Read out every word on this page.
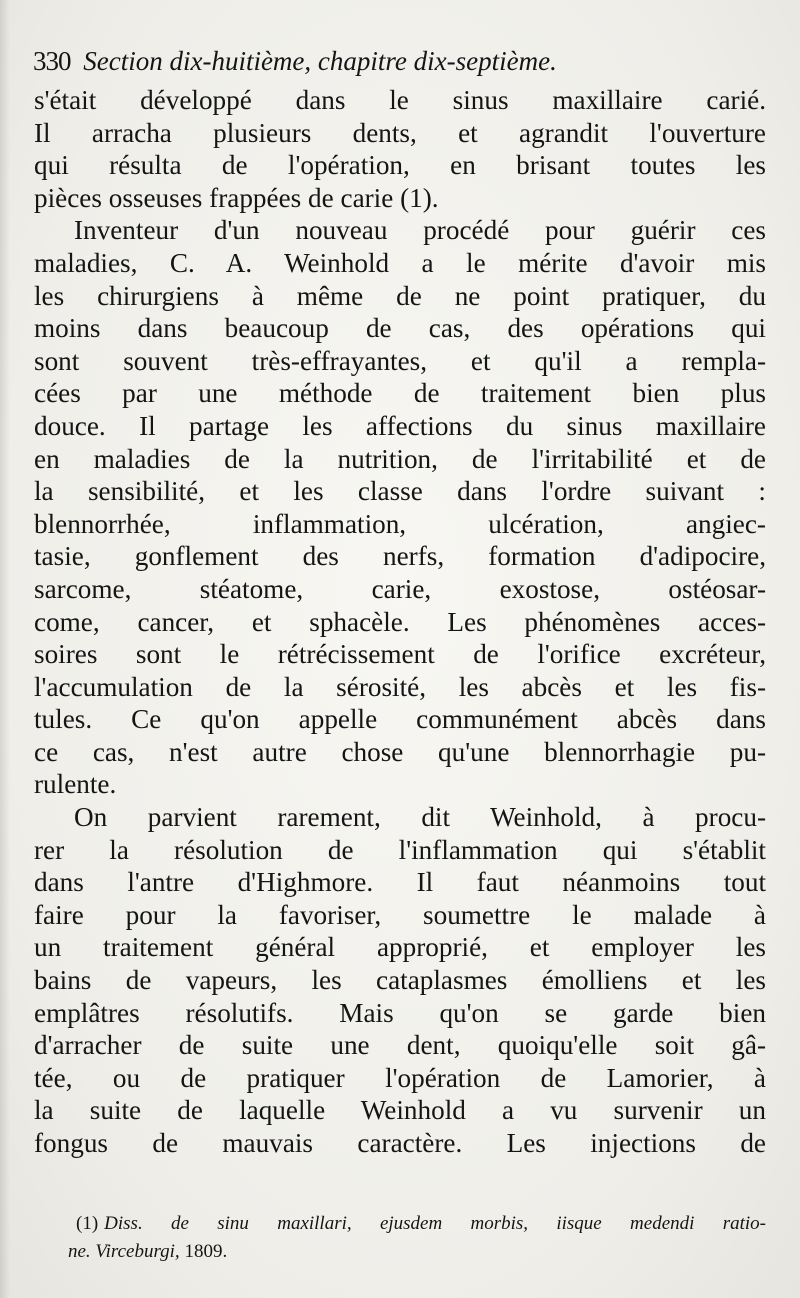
330 Section dix-huitième, chapitre dix-septième.
s'était développé dans le sinus maxillaire carié.
Il arracha plusieurs dents, et agrandit l'ouverture
qui résulta de l'opération, en brisant toutes les
pièces osseuses frappées de carie (1).
Inventeur d'un nouveau procédé pour guérir ces
maladies, C. A. Weinhold a le mérite d'avoir mis
les chirurgiens à même de ne point pratiquer, du
moins dans beaucoup de cas, des opérations qui
sont souvent très-effrayantes, et qu'il a rempla-
cées par une méthode de traitement bien plus
douce. Il partage les affections du sinus maxillaire
en maladies de la nutrition, de l'irritabilité et de
la sensibilité, et les classe dans l'ordre suivant :
blennorrhée, inflammation, ulcération, angiec-
tasie, gonflement des nerfs, formation d'adipocire,
sarcome, stéatome, carie, exostose, ostéosar-
come, cancer, et sphacèle. Les phénomènes acces-
soires sont le rétrécissement de l'orifice excréteur,
l'accumulation de la sérosité, les abcès et les fis-
tules. Ce qu'on appelle communément abcès dans
ce cas, n'est autre chose qu'une blennorrhagie pu-
rulente.
On parvient rarement, dit Weinhold, à procu-
rer la résolution de l'inflammation qui s'établit
dans l'antre d'Highmore. Il faut néanmoins tout
faire pour la favoriser, soumettre le malade à
un traitement général approprié, et employer les
bains de vapeurs, les cataplasmes émolliens et les
emplâtres résolutifs. Mais qu'on se garde bien
d'arracher de suite une dent, quoiqu'elle soit gâ-
tée, ou de pratiquer l'opération de Lamorier, à
la suite de laquelle Weinhold a vu survenir un
fongus de mauvais caractère. Les injections de
(1) Diss. de sinu maxillari, ejusdem morbis, iisque medendi ratio-
ne. Virceburgi, 1809.
